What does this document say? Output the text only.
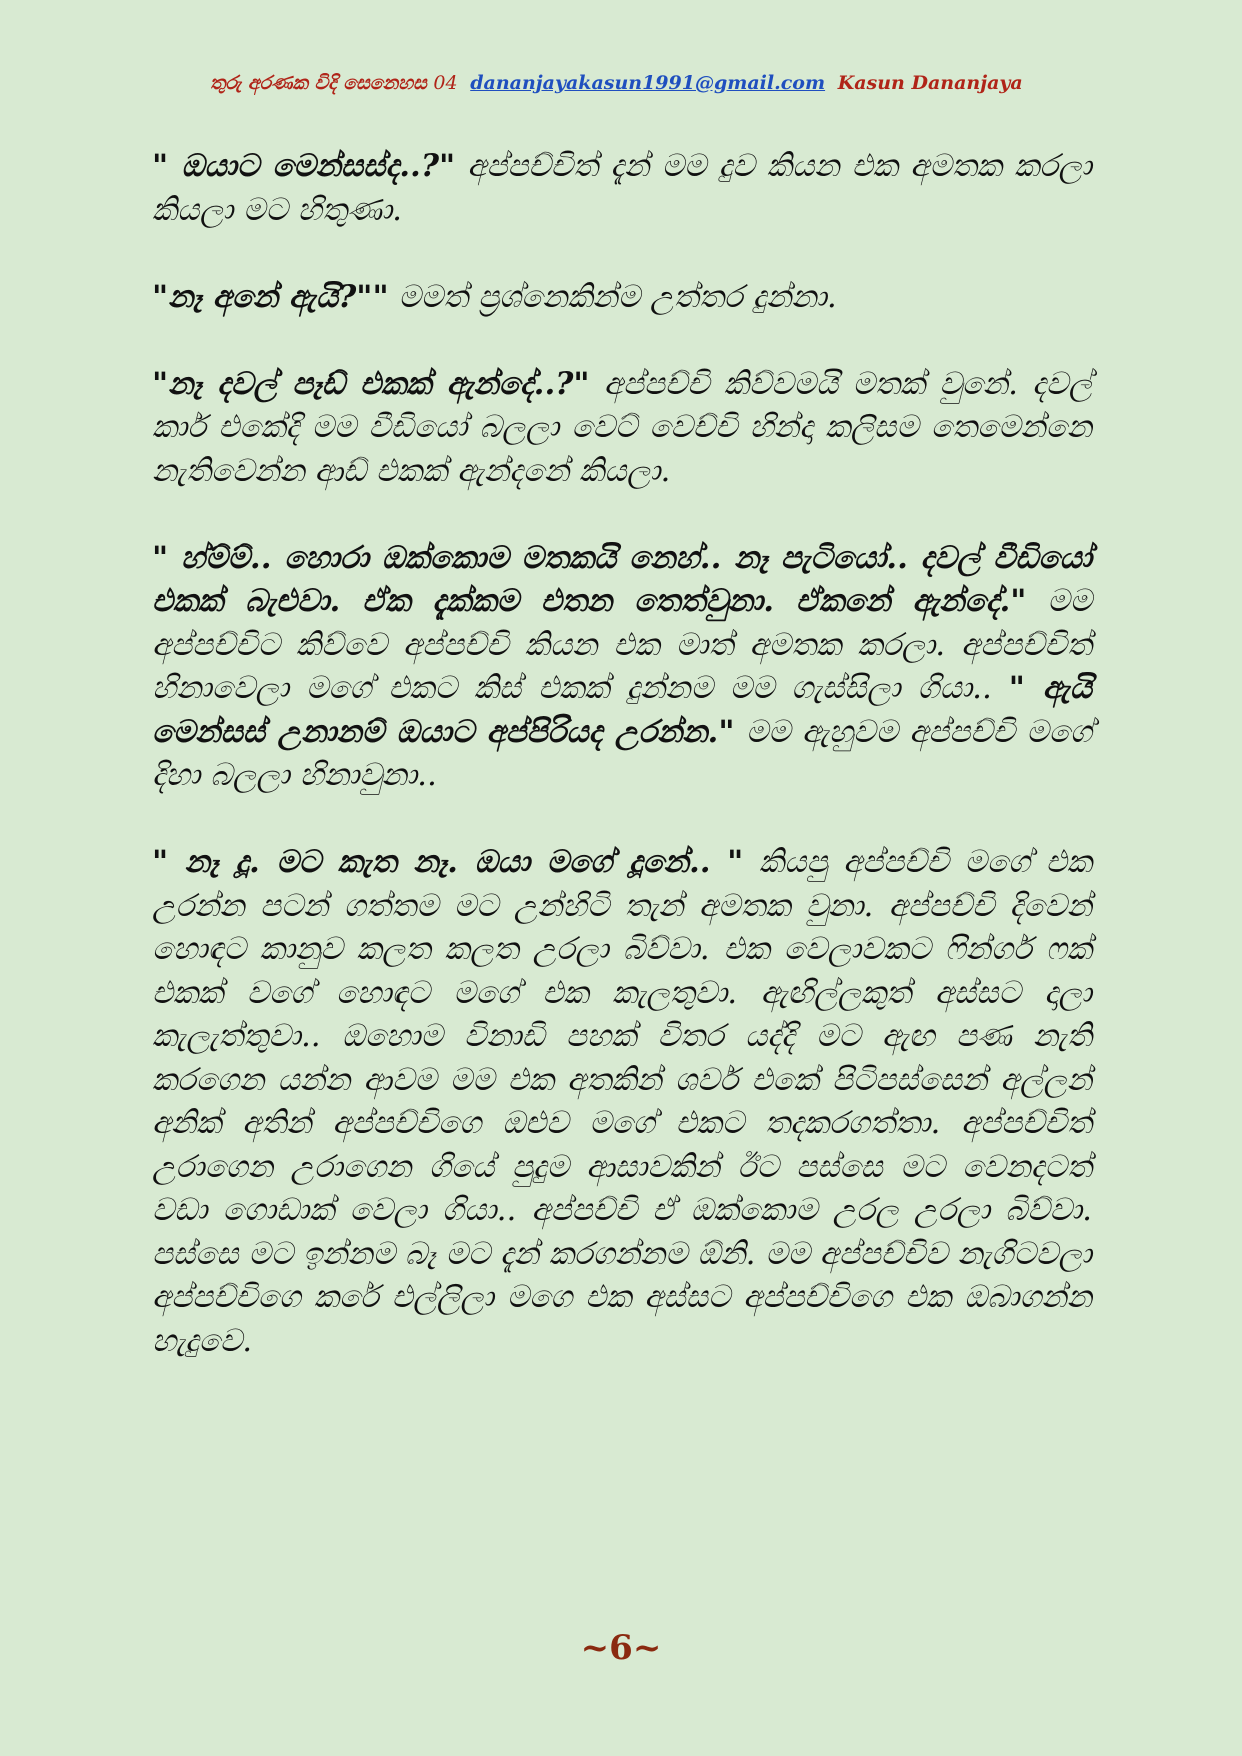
තුරු අරණක විදි සෙනෙහස 04 dananjayakasun1991@gmail.com Kasun Dananjaya

" ඔයාට මෙන්සස්ද..?" අප්පච්චිත් දැන් මම දුව කියන එක අමතක කරලා කියලා මට හිතුණා.

"නෑ අනේ ඇයි?"" මමත් ප්‍රශ්නෙකින්ම උත්තර දුන්නා.

"නෑ දවල් පෑඩ් එකක් ඇන්දේ..?" අප්පච්චි කිව්වමයි මතක් වුනේ. දවල් කාර් එකේදි මම වීඩියෝ බලලා වෙට් වෙච්චි හින්දා කලිසම තෙමෙන්නෙ නැතිවෙන්න ආඩ් එකක් ඇන්දනේ කියලා.

" හ්ම්ම්.. හොරා ඔක්කොම මතකයි නෙහ්.. නෑ පැටියෝ.. දවල් වීඩියෝ එකක් බැළුවා. ඒක දැක්කම එතන තෙත්වුනා. ඒකනේ ඇන්දේ." මම අප්පච්චිට කිව්වෙ අප්පච්චි කියන එක මාත් අමතක කරලා. අප්පච්චිත් හිනාවෙලා මගේ එකට කිස් එකක් දුන්නම මම ගැස්සිලා ගියා.. " ඇයි මෙන්සස් උනානම් ඔයාට අප්පිරියද උරන්න." මම ඇහුවම අප්පච්චි මගේ දිහා බලලා හිනාවුනා..

" නෑ දූ. මට කැත නෑ. ඔයා මගේ දූනේ.. " කියපු අප්පච්චි මගේ එක උරන්න පටන් ගත්තම මට උන්හිටි තැන් අමතක වුනා. අප්පච්චි දිවෙන් හොඳට කානුව කලත කලත උරලා බිව්වා. එක වෙලාවකට ෆින්ගර් ෆක් එකක් වගේ හොඳට මගේ එක කැලතුවා. ඇඟිල්ලකුත් අස්සට දාලා කැලැත්තුවා.. ඔහොම විනාඩි පහක් විතර යද්දි මට ඇඟ පණ නැති කරගෙන යන්න ආවම මම එක අතකින් ශවර් එකේ පිටිපස්සෙන් අල්ලන් අනික් අතින් අප්පච්චිගෙ ඔළුව මගේ එකට තදකරගත්තා. අප්පච්චිත් උරාගෙන උරාගෙන ගියේ පුදුම ආසාවකින් ඊට පස්සෙ මට වෙනදටත් වඩා ගොඩාක් වෙලා ගියා.. අප්පච්චි ඒ ඔක්කොම උරල උරලා බිව්වා. පස්සෙ මට ඉන්නම බෑ මට දැන් කරගන්නම ඕනි. මම අප්පච්චිව නැගිටවලා අප්පච්චිගෙ කරේ එල්ලිලා මගෙ එක අස්සට අප්පච්චිගෙ එක ඔබාගන්න හැදුවෙ.

~6~
